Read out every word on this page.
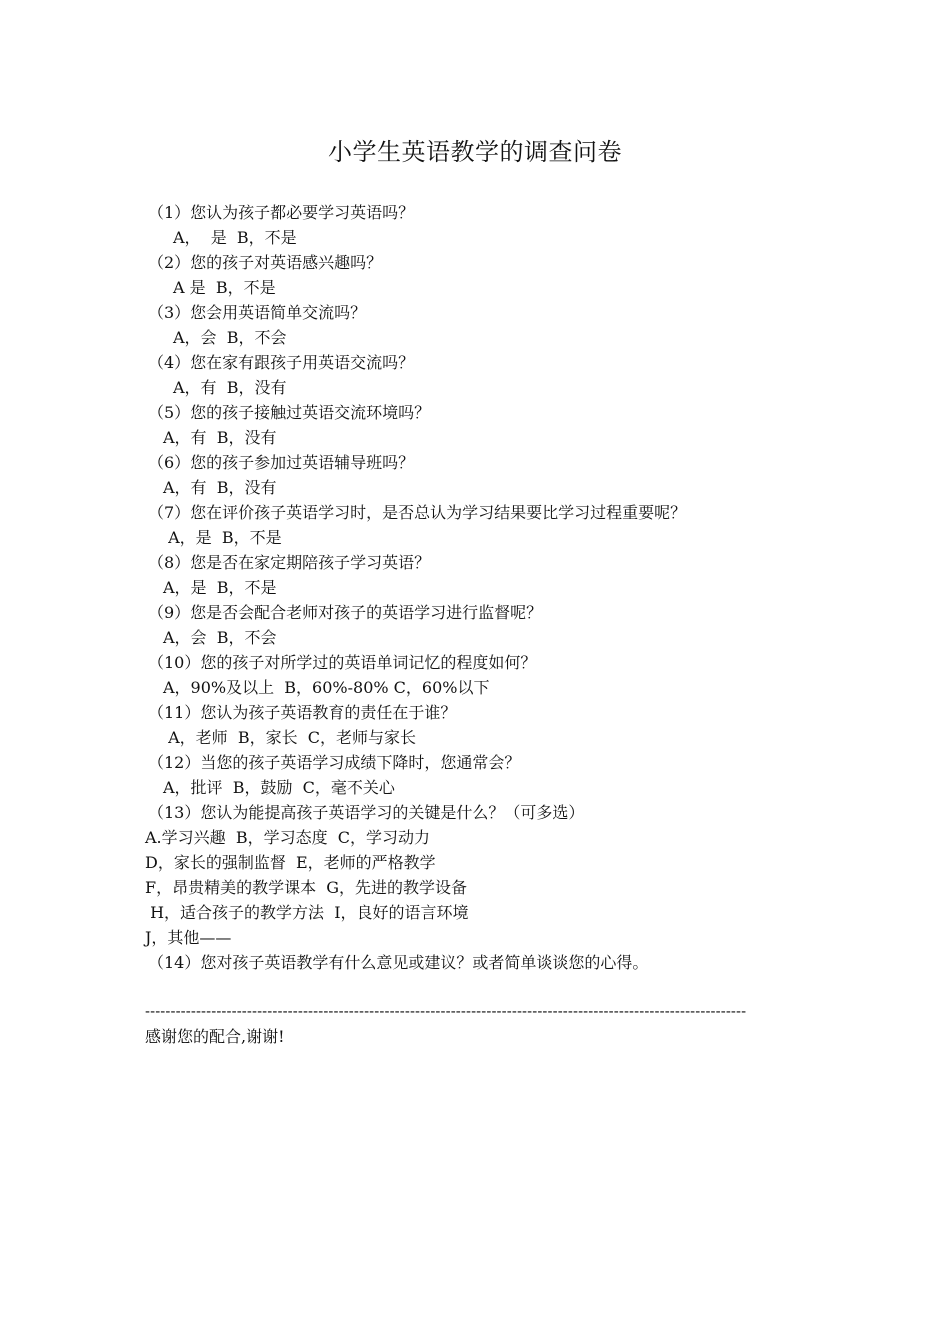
小学生英语教学的调查问卷
（1）您认为孩子都必要学习英语吗？
A，  是  B，不是
（2）您的孩子对英语感兴趣吗？
A 是  B，不是
（3）您会用英语简单交流吗？
A，会  B，不会
（4）您在家有跟孩子用英语交流吗？
A，有  B，没有
（5）您的孩子接触过英语交流环境吗？
A，有  B，没有
（6）您的孩子参加过英语辅导班吗？
A，有  B，没有
（7）您在评价孩子英语学习时，是否总认为学习结果要比学习过程重要呢？
A，是  B，不是
（8）您是否在家定期陪孩子学习英语？
A，是  B，不是
（9）您是否会配合老师对孩子的英语学习进行监督呢？
A，会  B，不会
（10）您的孩子对所学过的英语单词记忆的程度如何？
A，90%及以上  B，60%-80% C，60%以下
（11）您认为孩子英语教育的责任在于谁？
A，老师  B，家长  C，老师与家长
（12）当您的孩子英语学习成绩下降时，您通常会？
A，批评  B，鼓励  C，毫不关心
（13）您认为能提高孩子英语学习的关键是什么？（可多选）
A.学习兴趣  B，学习态度  C，学习动力
D，家长的强制监督  E，老师的严格教学
F，昂贵精美的教学课本  G，先进的教学设备
H，适合孩子的教学方法  I，良好的语言环境
J，其他——
（14）您对孩子英语教学有什么意见或建议？或者简单谈谈您的心得。
----------------------------------------------------------------------------------------------------------------------
感谢您的配合,谢谢!
